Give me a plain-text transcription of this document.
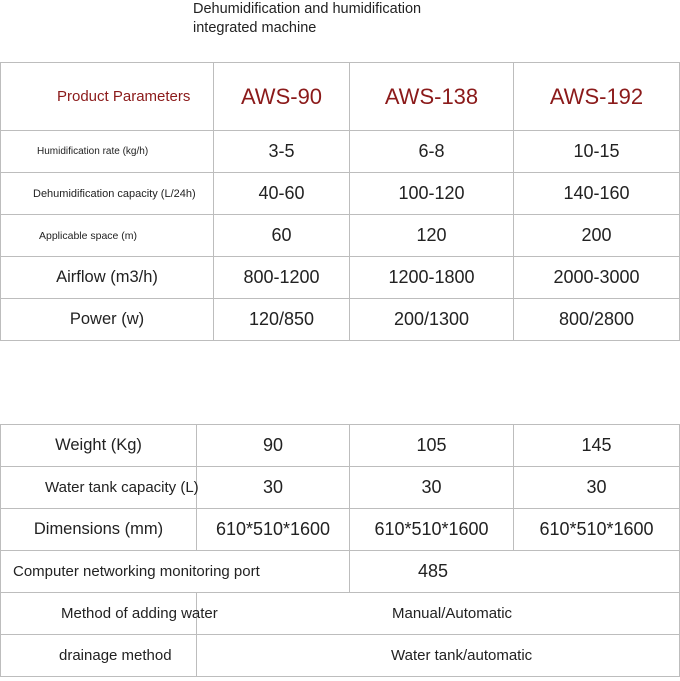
Dehumidification and humidification
integrated machine
Product Parameters	AWS-90	AWS-138	AWS-192
Humidification rate (kg/h)	3-5	6-8	10-15
Dehumidification capacity (L/24h)	40-60	100-120	140-160
Applicable space (m)	60	120	200
Airflow (m3/h)	800-1200	1200-1800	2000-3000
Power (w)	120/850	200/1300	800/2800
Weight (Kg)	90	105	145
Water tank capacity (L)	30	30	30
Dimensions (mm)	610*510*1600	610*510*1600	610*510*1600
Computer networking monitoring port		485	
Method of adding water	Manual/Automatic		
drainage method	Water tank/automatic		
